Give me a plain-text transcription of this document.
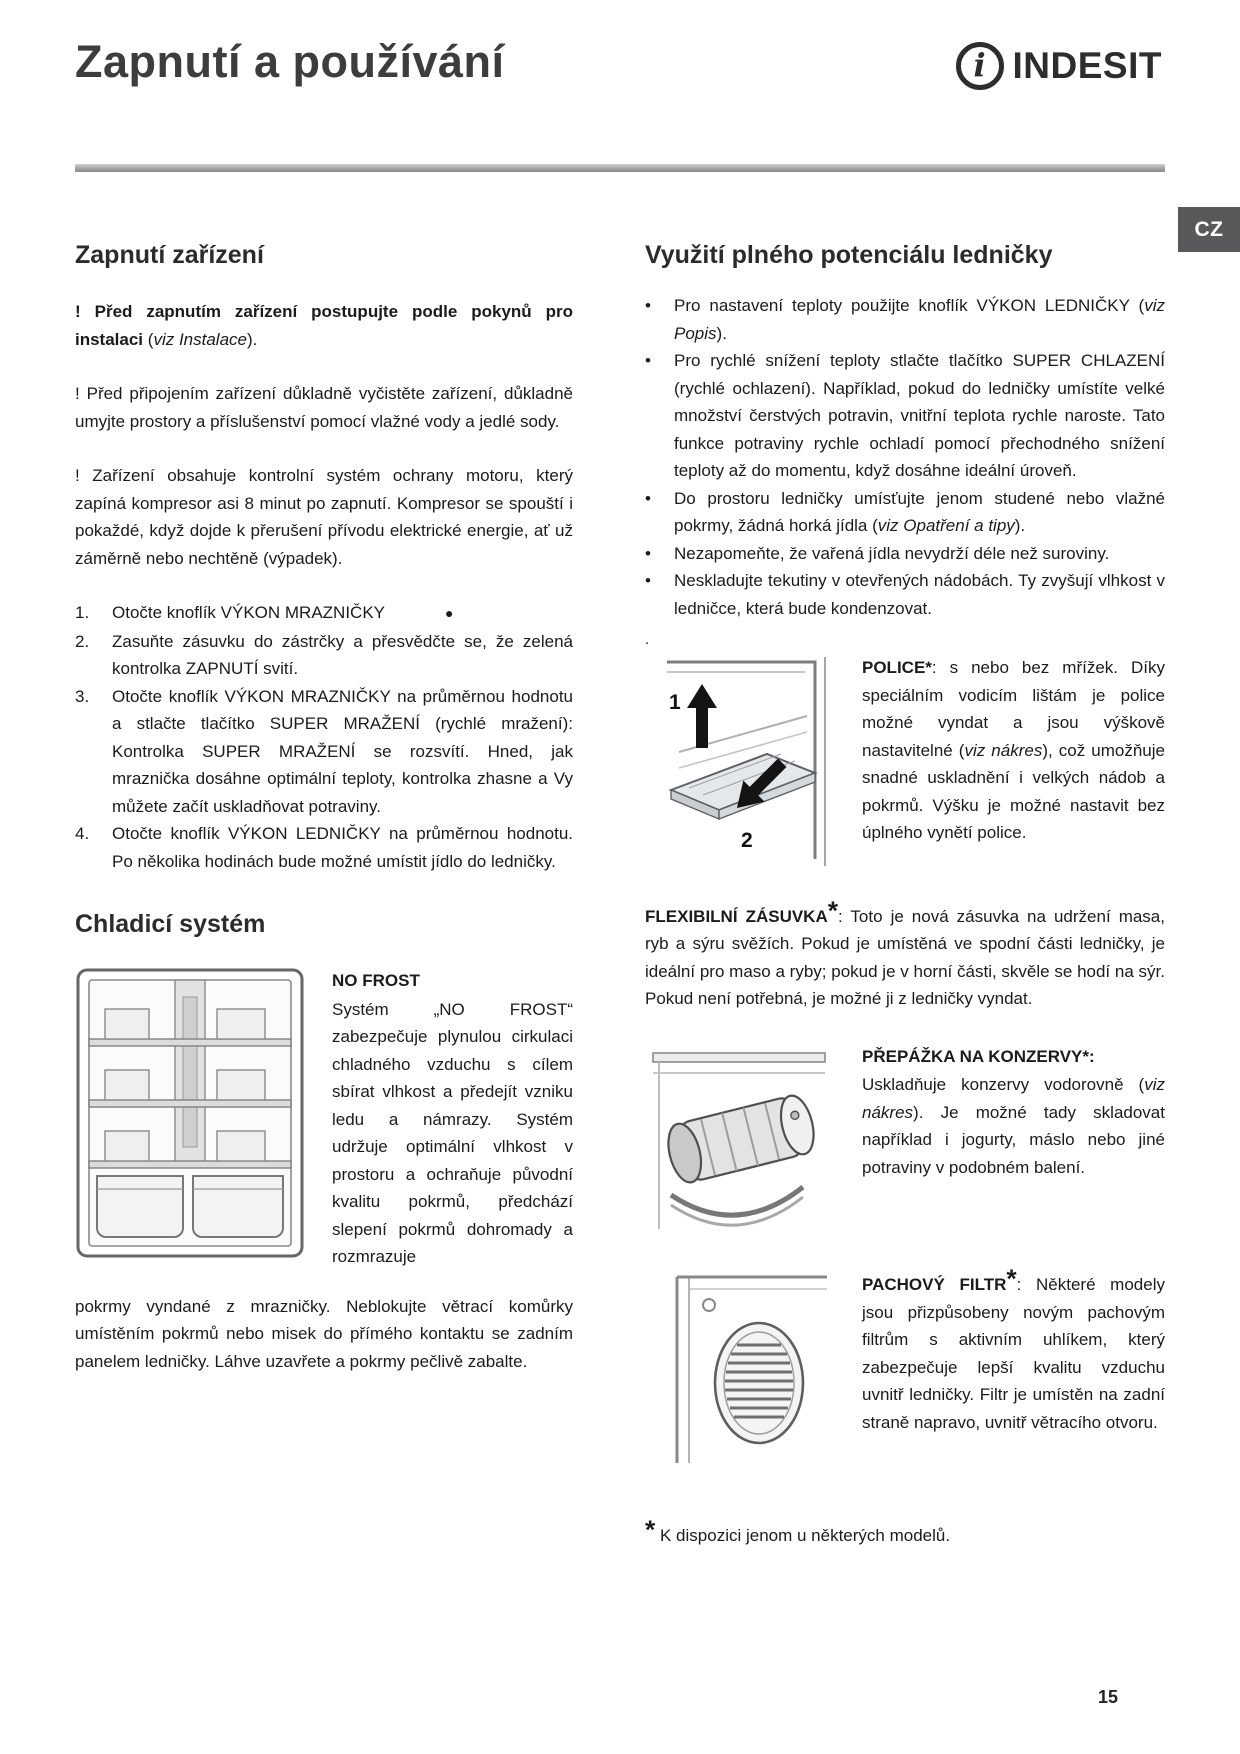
Zapnutí a používání	i INDESIT
CZ
Zapnutí zařízení

! Před zapnutím zařízení postupujte podle pokynů pro instalaci (viz Instalace).

! Před připojením zařízení důkladně vyčistěte zařízení, důkladně umyjte prostory a příslušenství pomocí vlažné vody a jedlé sody.

! Zařízení obsahuje kontrolní systém ochrany motoru, který zapíná kompresor asi 8 minut po zapnutí. Kompresor se spouští i pokaždé, když dojde k přerušení přívodu elektrické energie, ať už záměrně nebo nechtěně (výpadek).

1.	Otočte knoflík VÝKON MRAZNIČKY	●
2.	Zasuňte zásuvku do zástrčky a přesvědčte se, že zelená kontrolka ZAPNUTÍ svití.
3.	Otočte knoflík VÝKON MRAZNIČKY na průměrnou hodnotu a stlačte tlačítko SUPER MRAŽENÍ (rychlé mražení): Kontrolka SUPER MRAŽENÍ se rozsvítí. Hned, jak mraznička dosáhne optimální teploty, kontrolka zhasne a Vy můžete začít uskladňovat potraviny.
4.	Otočte knoflík VÝKON LEDNIČKY na průměrnou hodnotu. Po několika hodinách bude možné umístit jídlo do ledničky.
Chladicí systém
NO FROST
Systém „NO FROST“ zabezpečuje plynulou cirkulaci chladného vzduchu s cílem sbírat vlhkost a předejít vzniku ledu a námrazy. Systém udržuje optimální vlhkost v prostoru a ochraňuje původní kvalitu pokrmů, předchází slepení pokrmů dohromady a rozmrazuje

pokrmy vyndané z mrazničky. Neblokujte větrací komůrky umístěním pokrmů nebo misek do přímého kontaktu se zadním panelem ledničky. Láhve uzavřete a pokrmy pečlivě zabalte.

Využití plného potenciálu ledničky
•	Pro nastavení teploty použijte knoflík VÝKON LEDNIČKY (viz Popis).
•	Pro rychlé snížení teploty stlačte tlačítko SUPER CHLAZENÍ (rychlé ochlazení). Například, pokud do ledničky umístíte velké množství čerstvých potravin, vnitřní teplota rychle naroste. Tato funkce potraviny rychle ochladí pomocí přechodného snížení teploty až do momentu, když dosáhne ideální úroveň.
•	Do prostoru ledničky umísťujte jenom studené nebo vlažné pokrmy, žádná horká jídla (viz Opatření a tipy).
•	Nezapomeňte, že vařená jídla nevydrží déle než suroviny.
•	Neskladujte tekutiny v otevřených nádobách. Ty zvyšují vlhkost v ledničce, která bude kondenzovat.
.
1
2
POLICE*: s nebo bez mřížek. Díky speciálním vodicím lištám je police možné vyndat a jsou výškově nastavitelné (viz nákres), což umožňuje snadné uskladnění i velkých nádob a pokrmů. Výšku je možné nastavit bez úplného vynětí police.

FLEXIBILNÍ ZÁSUVKA*: Toto je nová zásuvka na udržení masa, ryb a sýru svěžích. Pokud je umístěná ve spodní části ledničky, je ideální pro maso a ryby; pokud je v horní části, skvěle se hodí na sýr. Pokud není potřebná, je možné ji z ledničky vyndat.

PŘEPÁŽKA NA KONZERVY*:
Uskladňuje konzervy vodorovně (viz nákres). Je možné tady skladovat například i jogurty, máslo nebo jiné potraviny v podobném balení.
PACHOVÝ FILTR*: Některé modely jsou přizpůsobeny novým pachovým filtrům s aktivním uhlíkem, který zabezpečuje lepší kvalitu vzduchu uvnitř ledničky. Filtr je umístěn na zadní straně napravo, uvnitř větracího otvoru.

* K dispozici jenom u některých modelů.

15
